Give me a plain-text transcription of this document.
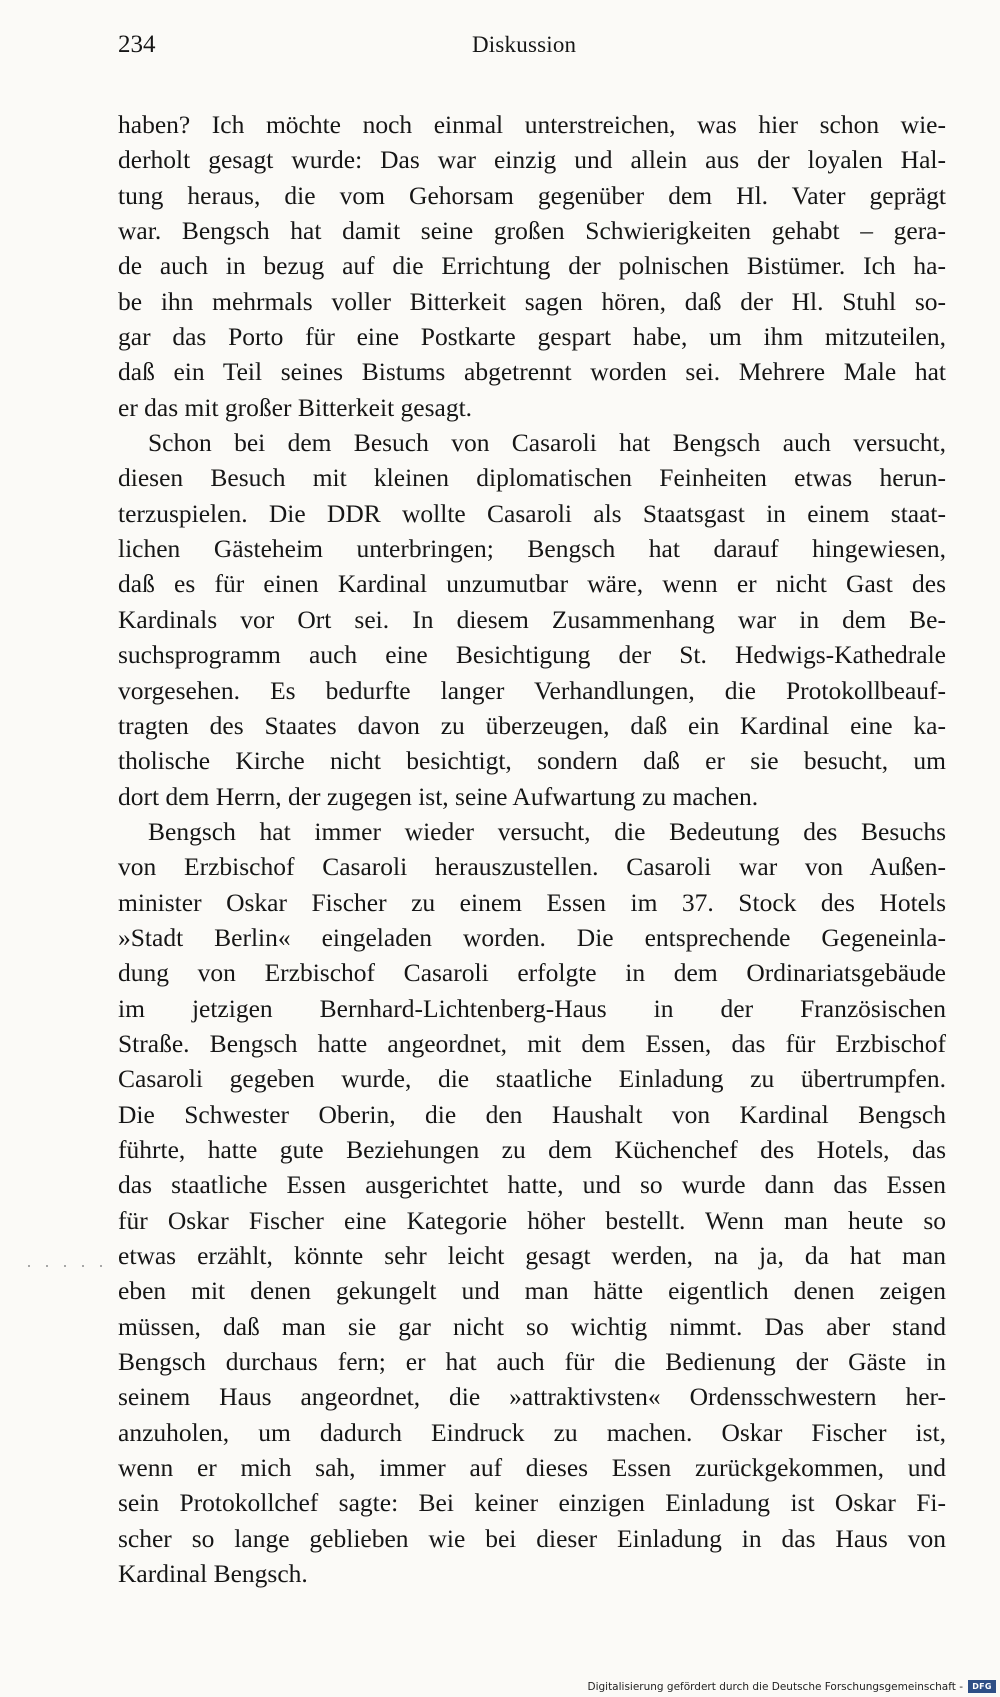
234	Diskussion
haben? Ich möchte noch einmal unterstreichen, was hier schon wie-
derholt gesagt wurde: Das war einzig und allein aus der loyalen Hal-
tung heraus, die vom Gehorsam gegenüber dem Hl. Vater geprägt
war. Bengsch hat damit seine großen Schwierigkeiten gehabt – gera-
de auch in bezug auf die Errichtung der polnischen Bistümer. Ich ha-
be ihn mehrmals voller Bitterkeit sagen hören, daß der Hl. Stuhl so-
gar das Porto für eine Postkarte gespart habe, um ihm mitzuteilen,
daß ein Teil seines Bistums abgetrennt worden sei. Mehrere Male hat
er das mit großer Bitterkeit gesagt.
Schon bei dem Besuch von Casaroli hat Bengsch auch versucht,
diesen Besuch mit kleinen diplomatischen Feinheiten etwas herun-
terzuspielen. Die DDR wollte Casaroli als Staatsgast in einem staat-
lichen Gästeheim unterbringen; Bengsch hat darauf hingewiesen,
daß es für einen Kardinal unzumutbar wäre, wenn er nicht Gast des
Kardinals vor Ort sei. In diesem Zusammenhang war in dem Be-
suchsprogramm auch eine Besichtigung der St. Hedwigs-Kathedrale
vorgesehen. Es bedurfte langer Verhandlungen, die Protokollbeauf-
tragten des Staates davon zu überzeugen, daß ein Kardinal eine ka-
tholische Kirche nicht besichtigt, sondern daß er sie besucht, um
dort dem Herrn, der zugegen ist, seine Aufwartung zu machen.
Bengsch hat immer wieder versucht, die Bedeutung des Besuchs
von Erzbischof Casaroli herauszustellen. Casaroli war von Außen-
minister Oskar Fischer zu einem Essen im 37. Stock des Hotels
»Stadt Berlin« eingeladen worden. Die entsprechende Gegeneinla-
dung von Erzbischof Casaroli erfolgte in dem Ordinariatsgebäude
im jetzigen Bernhard-Lichtenberg-Haus in der Französischen
Straße. Bengsch hatte angeordnet, mit dem Essen, das für Erzbischof
Casaroli gegeben wurde, die staatliche Einladung zu übertrumpfen.
Die Schwester Oberin, die den Haushalt von Kardinal Bengsch
führte, hatte gute Beziehungen zu dem Küchenchef des Hotels, das
das staatliche Essen ausgerichtet hatte, und so wurde dann das Essen
für Oskar Fischer eine Kategorie höher bestellt. Wenn man heute so
etwas erzählt, könnte sehr leicht gesagt werden, na ja, da hat man
eben mit denen gekungelt und man hätte eigentlich denen zeigen
müssen, daß man sie gar nicht so wichtig nimmt. Das aber stand
Bengsch durchaus fern; er hat auch für die Bedienung der Gäste in
seinem Haus angeordnet, die »attraktivsten« Ordensschwestern her-
anzuholen, um dadurch Eindruck zu machen. Oskar Fischer ist,
wenn er mich sah, immer auf dieses Essen zurückgekommen, und
sein Protokollchef sagte: Bei keiner einzigen Einladung ist Oskar Fi-
scher so lange geblieben wie bei dieser Einladung in das Haus von
Kardinal Bengsch.
Digitalisierung gefördert durch die Deutsche Forschungsgemeinschaft -	DFG
